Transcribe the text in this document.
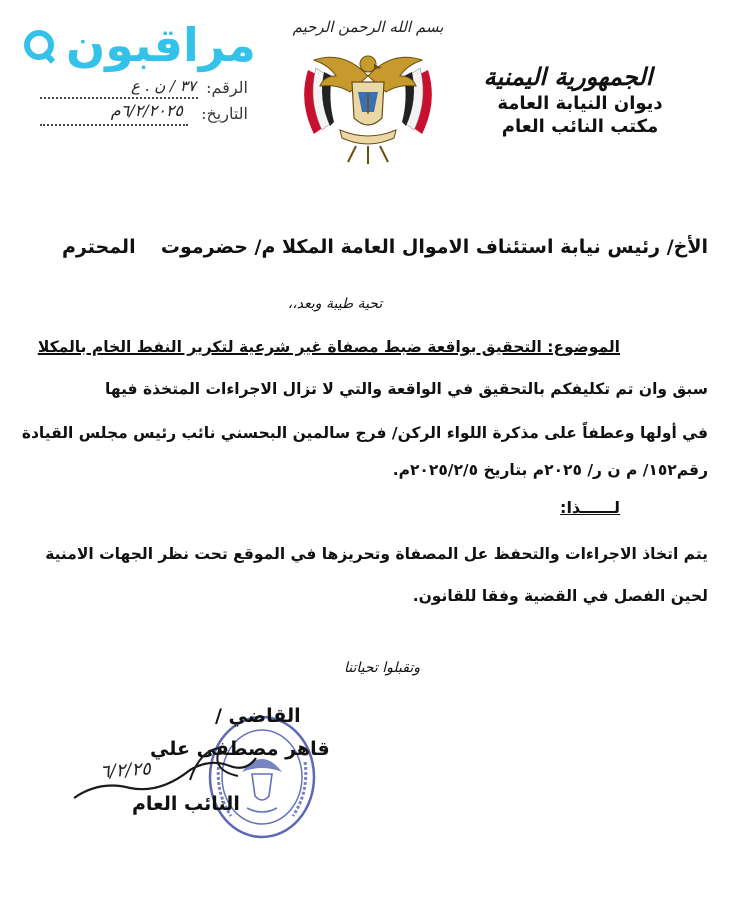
مراقبون
الرقم:
٣٧ / ن . ع
التاريخ:
٦/٢/٢٠٢٥م
بسم الله الرحمن الرحيم
الجمهورية اليمنية
ديوان النيابة العامة
مكتب النائب العام
الأخ/ رئيس نيابة استئناف الاموال العامة المكلا م/ حضرموت
المحترم
تحية طيبة وبعد،،
الموضوع: التحقيق بواقعة ضبط مصفاة غير شرعية لتكرير النفط الخام بالمكلا
سبق وان تم تكليفكم بالتحقيق في الواقعة والتي لا تزال الاجراءات المتخذة فيها
في أولها وعطفاً على مذكرة اللواء الركن/ فرج سالمين البحسني نائب رئيس مجلس القيادة
رقم١٥٢/ م ن ر/ ٢٠٢٥م بتاريخ ٢٠٢٥/٢/٥م.
لــــــذا:
يتم اتخاذ الاجراءات والتحفظ عل المصفاة وتحريزها في الموقع تحت نظر الجهات الامنية
لحين الفصل في القضية وفقا للقانون.
وتقبلوا تحياتنا
القاضي /
قاهر مصطفى علي
النائب العام
٦/٢/٢٥
